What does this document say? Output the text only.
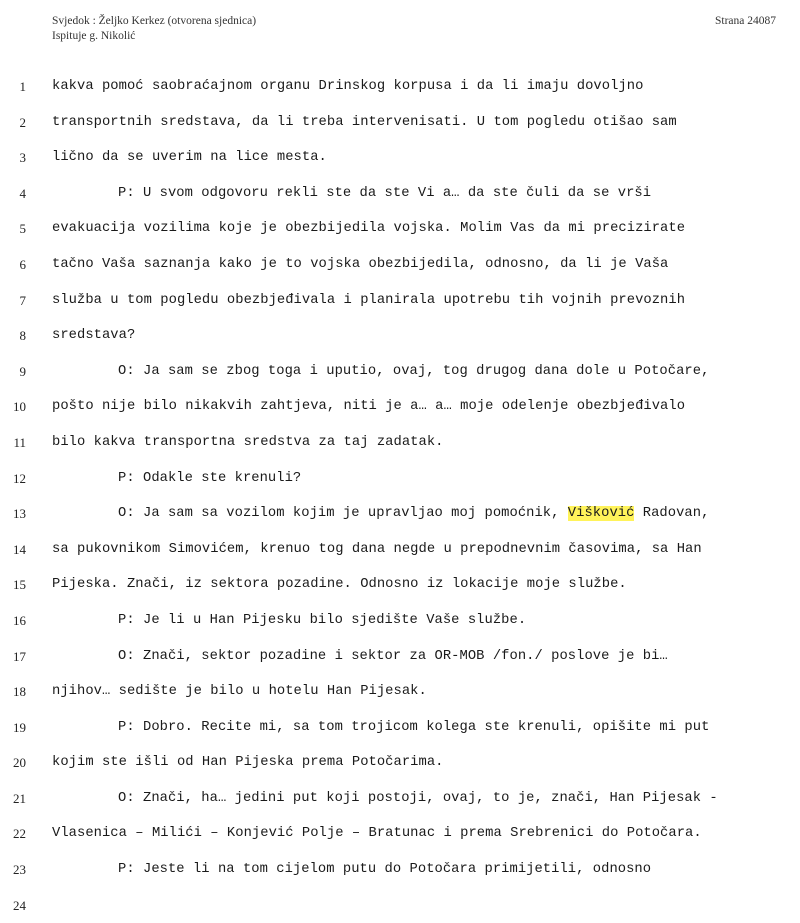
Svjedok : Željko Kerkez (otvorena sjednica)
Ispituje g. Nikolić
Strana 24087
1 kakva pomoć saobraćajnom organu Drinskog korpusa i da li imaju dovoljno
2 transportnih sredstava, da li treba intervenisati. U tom pogledu otišao sam
3 lično da se uverim na lice mesta.
4	P: U svom odgovoru rekli ste da ste Vi a… da ste čuli da se vrši
5 evakuacija vozilima koje je obezbijedila vojska. Molim Vas da mi precizirate
6 tačno Vaša saznanja kako je to vojska obezbijedila, odnosno, da li je Vaša
7 služba u tom pogledu obezbjeđivala i planirala upotrebu tih vojnih prevoznih
8 sredstava?
9	O: Ja sam se zbog toga i uputio, ovaj, tog drugog dana dole u Potočare,
10 pošto nije bilo nikakvih zahtjeva, niti je a… a… moje odelenje obezbjeđivalo
11 bilo kakva transportna sredstva za taj zadatak.
12	P: Odakle ste krenuli?
13	O: Ja sam sa vozilom kojim je upravljao moj pomoćnik, Višković Radovan,
14 sa pukovnikom Simovićem, krenuo tog dana negde u prepodnevnim časovima, sa Han
15 Pijeska. Znači, iz sektora pozadine. Odnosno iz lokacije moje službe.
16	P: Je li u Han Pijesku bilo sjedište Vaše službe.
17	O: Znači, sektor pozadine i sektor za OR-MOB /fon./ poslove je bi…
18 njihov… sedište je bilo u hotelu Han Pijesak.
19	P: Dobro. Recite mi, sa tom trojicom kolega ste krenuli, opišite mi put
20 kojim ste išli od Han Pijeska prema Potočarima.
21	O: Znači, ha… jedini put koji postoji, ovaj, to je, znači, Han Pijesak -
22 Vlasenica – Milići – Konjević Polje – Bratunac i prema Srebrenici do Potočara.
23	P: Jeste li na tom cijelom putu do Potočara primijetili, odnosno
24
